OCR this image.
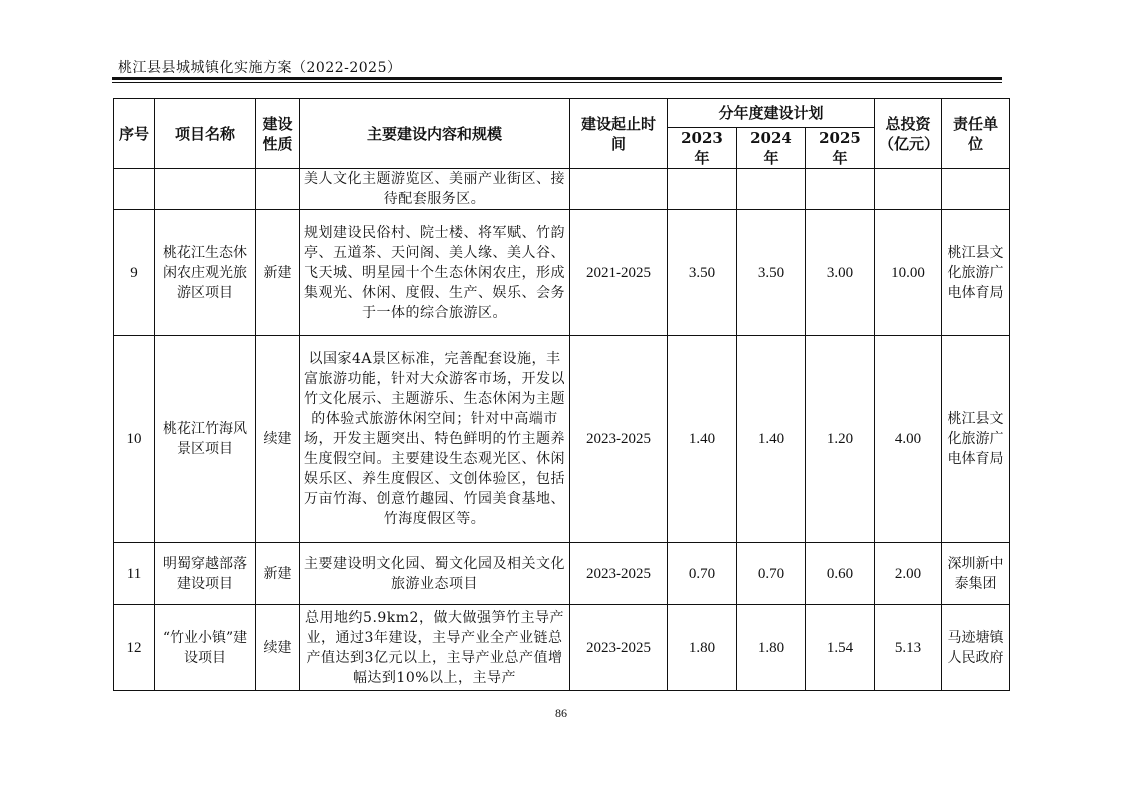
桃江县县城城镇化实施方案（2022-2025）
序号	项目名称	建设性质	主要建设内容和规模	建设起止时间	分年度建设计划			总投资（亿元）	责任单位
					2023 年	2024 年	2025 年		
			美人文化主题游览区、美丽产业街区、接待配套服务区。						
9	桃花江生态休闲农庄观光旅游区项目	新建	规划建设民俗村、院士楼、将军赋、竹韵亭、五道茶、天问阁、美人缘、美人谷、飞天城、明星园十个生态休闲农庄，形成集观光、休闲、度假、生产、娱乐、会务于一体的综合旅游区。	2021-2025	3.50	3.50	3.00	10.00	桃江县文化旅游广电体育局
10	桃花江竹海风景区项目	续建	以国家4A景区标准，完善配套设施，丰富旅游功能，针对大众游客市场，开发以竹文化展示、主题游乐、生态休闲为主题的体验式旅游休闲空间；针对中高端市场，开发主题突出、特色鲜明的竹主题养生度假空间。主要建设生态观光区、休闲娱乐区、养生度假区、文创体验区，包括万亩竹海、创意竹趣园、竹园美食基地、竹海度假区等。	2023-2025	1.40	1.40	1.20	4.00	桃江县文化旅游广电体育局
11	明蜀穿越部落建设项目	新建	主要建设明文化园、蜀文化园及相关文化旅游业态项目	2023-2025	0.70	0.70	0.60	2.00	深圳新中泰集团
12	“竹业小镇”建设项目	续建	总用地约5.9km2，做大做强笋竹主导产业，通过3年建设，主导产业全产业链总产值达到3亿元以上，主导产业总产值增幅达到10%以上，主导产	2023-2025	1.80	1.80	1.54	5.13	马迹塘镇人民政府
86
